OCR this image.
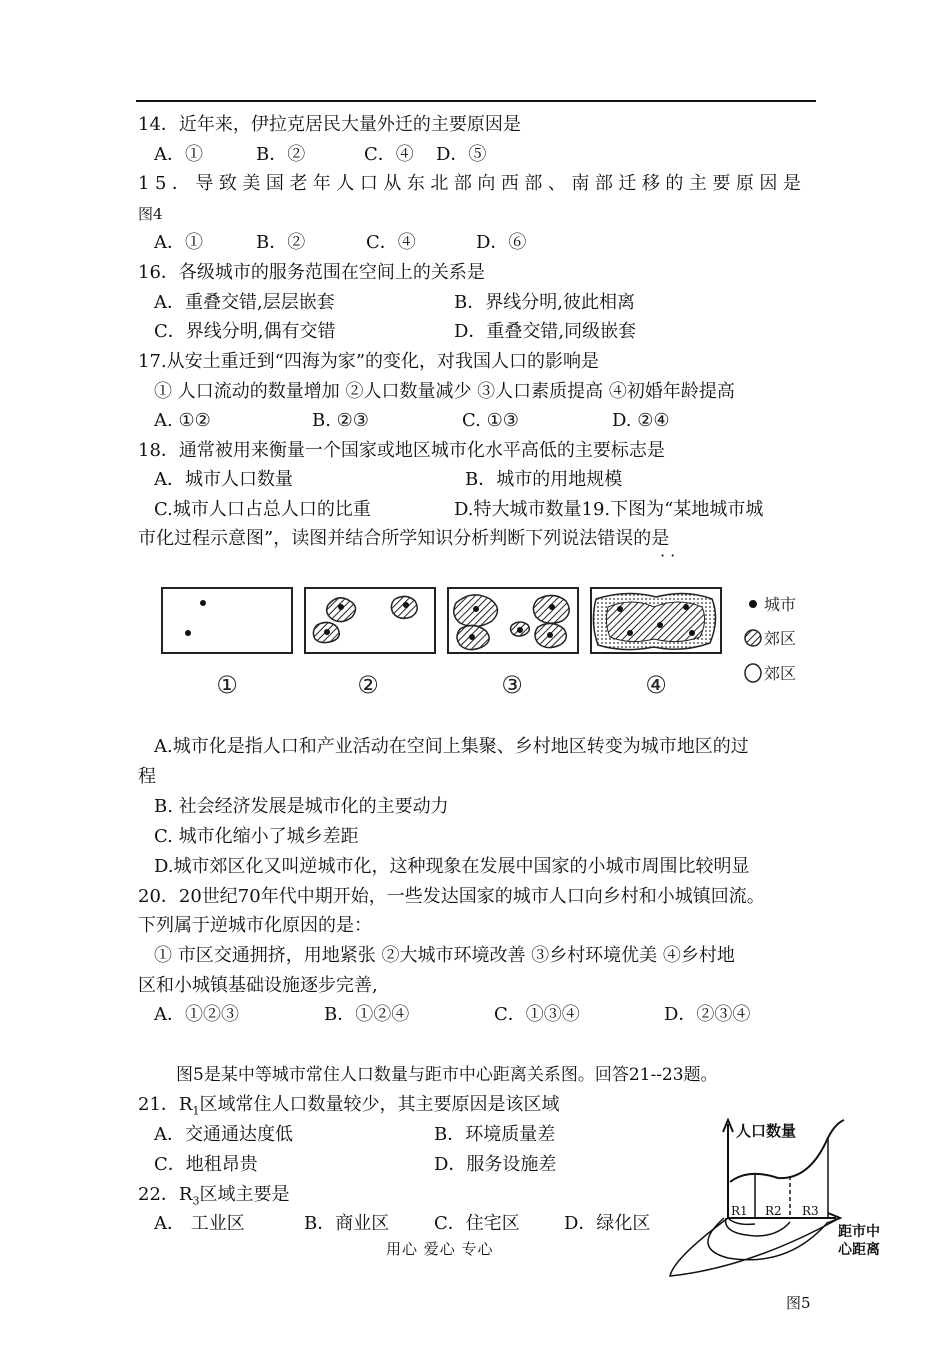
14．近年来，伊拉克居民大量外迁的主要原因是
A．①	B．②	C．④ D．⑤
15．导致美国老年人口从东北部向西部、南部迁移的主要原因是
图4
A．①	B．②	C．④	D．⑥
16．各级城市的服务范围在空间上的关系是
A．重叠交错,层层嵌套	B．界线分明,彼此相离
C．界线分明,偶有交错	D．重叠交错,同级嵌套
17.从安土重迁到“四海为家”的变化，对我国人口的影响是
① 人口流动的数量增加 ②人口数量减少 ③人口素质提高 ④初婚年龄提高
A. ①②	B. ②③	C. ①③	D. ②④
18．通常被用来衡量一个国家或地区城市化水平高低的主要标志是
A．城市人口数量	B．城市的用地规模
C.城市人口占总人口的比重	D.特大城市数量19.下图为“某地城市城
市化过程示意图”，读图并结合所学知识分析判断下列说法错误的是
· ·
①	②	③	④
城市
郊区
郊区
A.城市化是指人口和产业活动在空间上集聚、乡村地区转变为城市地区的过
程
B. 社会经济发展是城市化的主要动力
C. 城市化缩小了城乡差距
D.城市郊区化又叫逆城市化，这种现象在发展中国家的小城市周围比较明显
20．20世纪70年代中期开始，一些发达国家的城市人口向乡村和小城镇回流。
下列属于逆城市化原因的是：
① 市区交通拥挤，用地紧张 ②大城市环境改善 ③乡村环境优美 ④乡村地
区和小城镇基础设施逐步完善,
A．①②③	B．①②④	C．①③④	D．②③④
图5是某中等城市常住人口数量与距市中心距离关系图。回答21--23题。
21．$R_1$区域常住人口数量较少，其主要原因是该区域
A．交通通达度低	B．环境质量差
C．地租昂贵	D．服务设施差
22．$R_3$区域主要是
A． 工业区	B．商业区 C．住宅区 D．绿化区
人口数量
R1 R2 R3
距市中
心距离
用心 爱心 专心
图5
